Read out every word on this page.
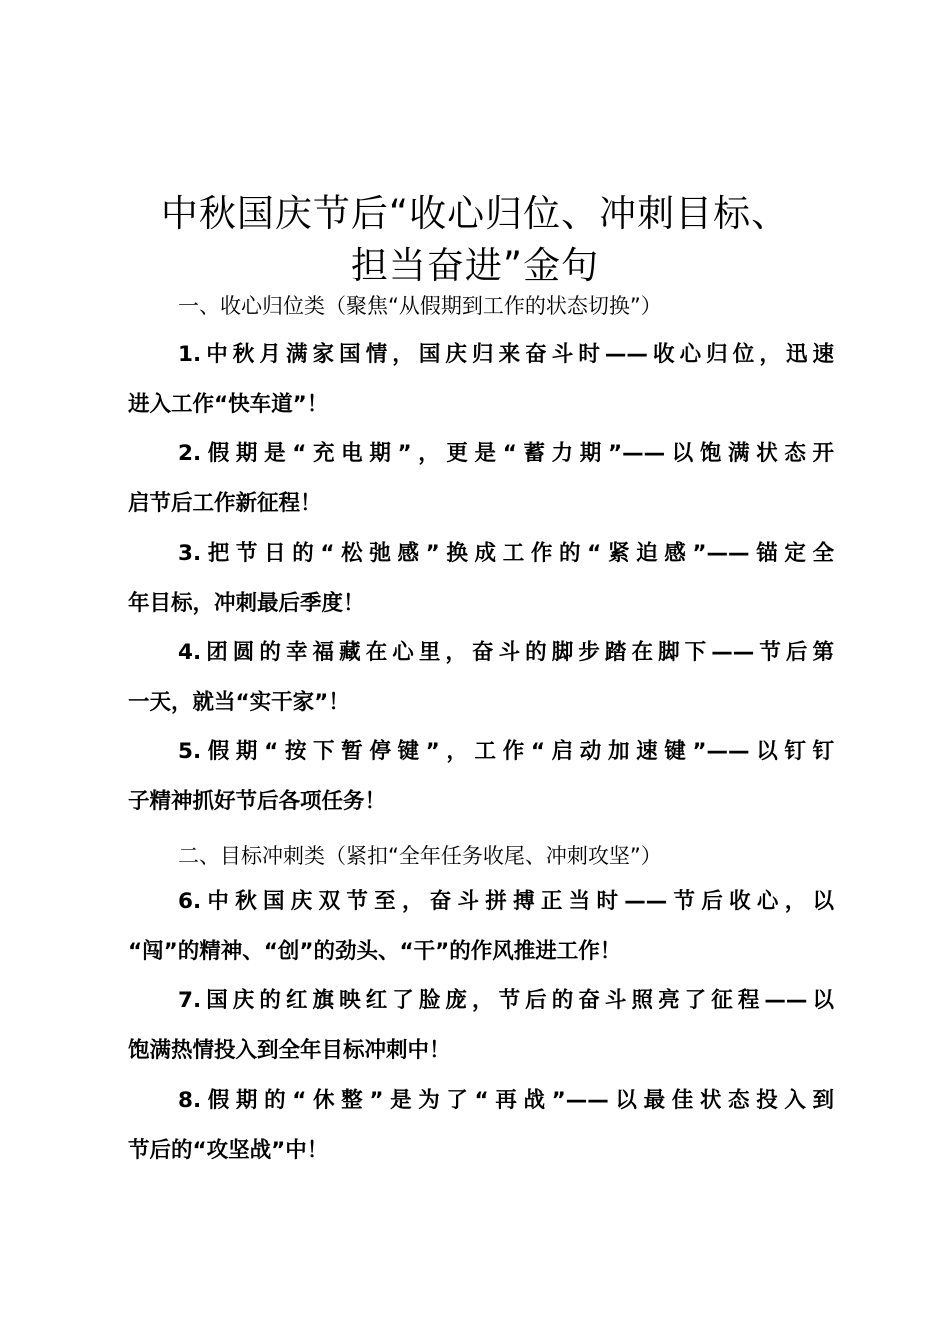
中秋国庆节后“收心归位、冲刺目标、
担当奋进”金句

一、收心归位类（聚焦“从假期到工作的状态切换”）

1.中秋月满家国情，国庆归来奋斗时——收心归位，迅速
进入工作“快车道”！
2.假期是“充电期”，更是“蓄力期”——以饱满状态开
启节后工作新征程！
3.把节日的“松弛感”换成工作的“紧迫感”——锚定全
年目标，冲刺最后季度！
4.团圆的幸福藏在心里，奋斗的脚步踏在脚下——节后第
一天，就当“实干家”！
5.假期“按下暂停键”，工作“启动加速键”——以钉钉
子精神抓好节后各项任务！

二、目标冲刺类（紧扣“全年任务收尾、冲刺攻坚”）

6.中秋国庆双节至，奋斗拼搏正当时——节后收心，以
“闯”的精神、“创”的劲头、“干”的作风推进工作！
7.国庆的红旗映红了脸庞，节后的奋斗照亮了征程——以
饱满热情投入到全年目标冲刺中！
8.假期的“休整”是为了“再战”——以最佳状态投入到
节后的“攻坚战”中！
